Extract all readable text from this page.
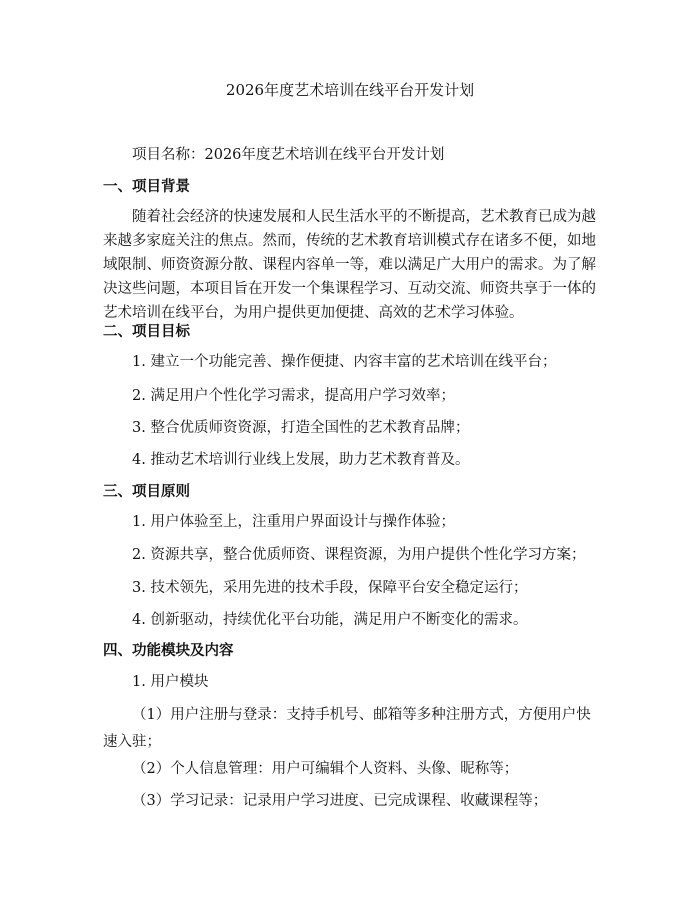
2026年度艺术培训在线平台开发计划
项目名称：2026年度艺术培训在线平台开发计划
一、项目背景
随着社会经济的快速发展和人民生活水平的不断提高，艺术教育已成为越来越多家庭关注的焦点。然而，传统的艺术教育培训模式存在诸多不便，如地域限制、师资资源分散、课程内容单一等，难以满足广大用户的需求。为了解决这些问题，本项目旨在开发一个集课程学习、互动交流、师资共享于一体的艺术培训在线平台，为用户提供更加便捷、高效的艺术学习体验。
二、项目目标
1. 建立一个功能完善、操作便捷、内容丰富的艺术培训在线平台；
2. 满足用户个性化学习需求，提高用户学习效率；
3. 整合优质师资资源，打造全国性的艺术教育品牌；
4. 推动艺术培训行业线上发展，助力艺术教育普及。
三、项目原则
1. 用户体验至上，注重用户界面设计与操作体验；
2. 资源共享，整合优质师资、课程资源，为用户提供个性化学习方案；
3. 技术领先，采用先进的技术手段，保障平台安全稳定运行；
4. 创新驱动，持续优化平台功能，满足用户不断变化的需求。
四、功能模块及内容
1. 用户模块
（1）用户注册与登录：支持手机号、邮箱等多种注册方式，方便用户快速入驻；
（2）个人信息管理：用户可编辑个人资料、头像、昵称等；
（3）学习记录：记录用户学习进度、已完成课程、收藏课程等；
